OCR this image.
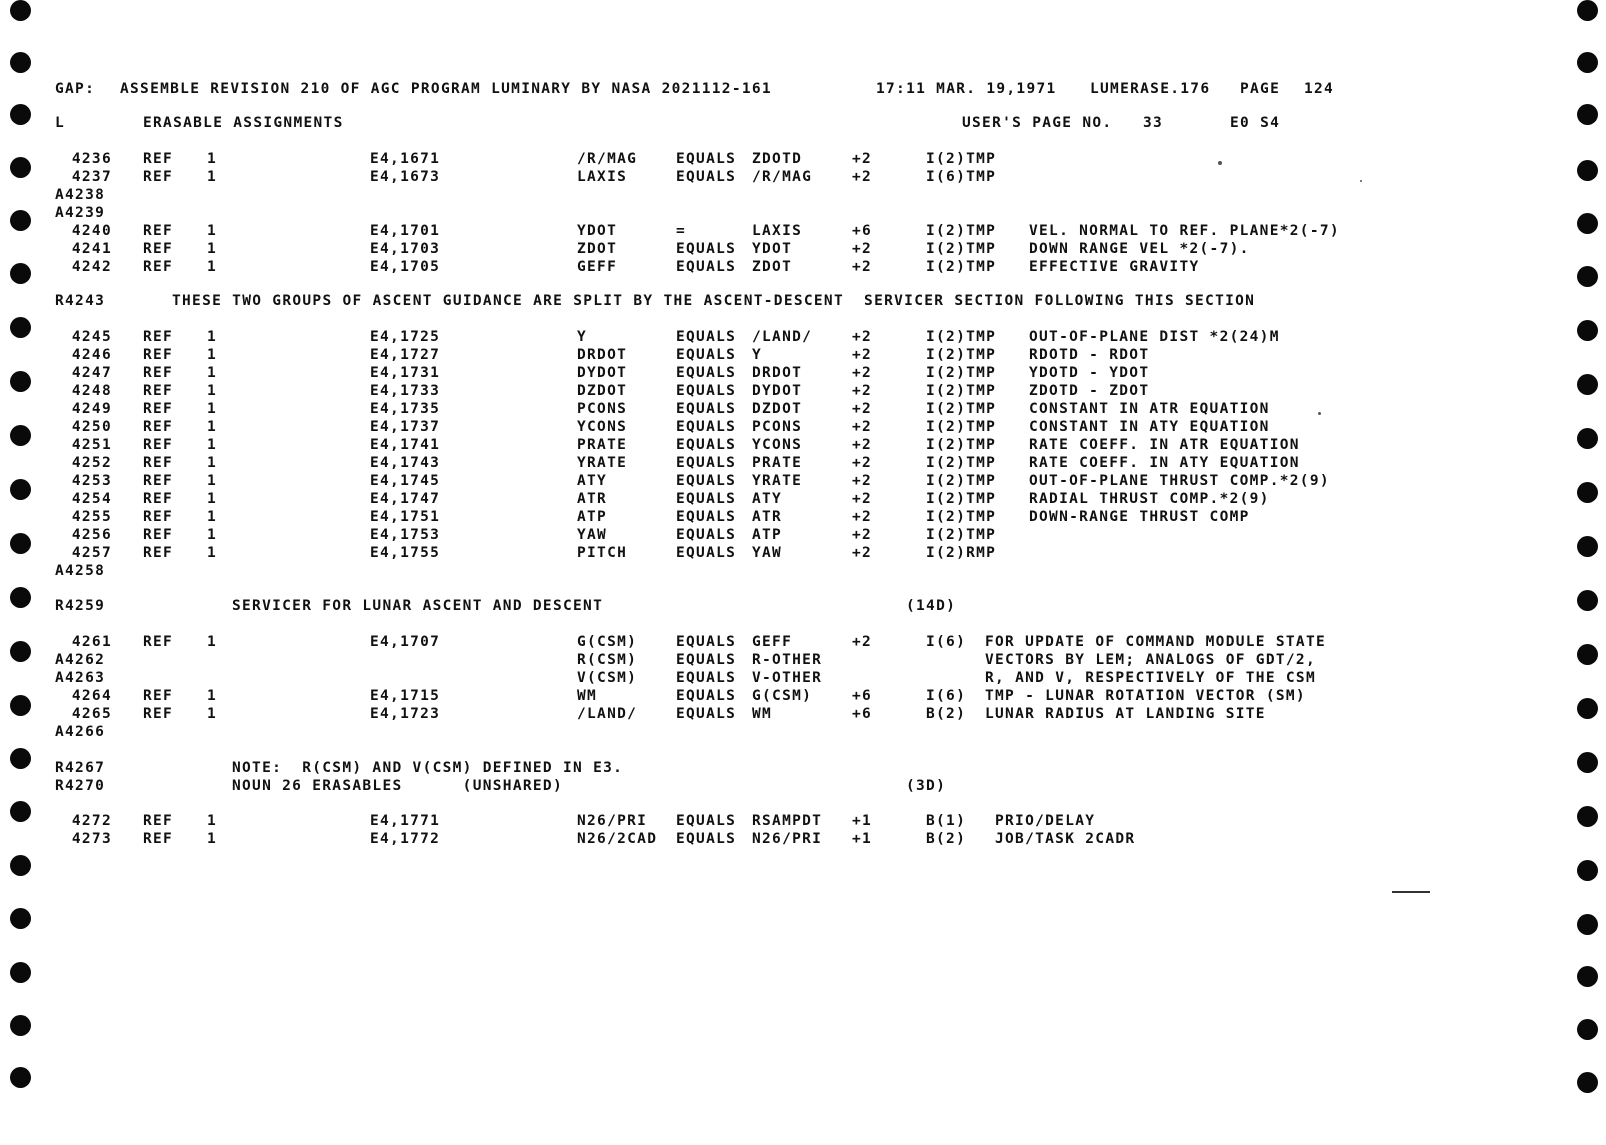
GAP:

ASSEMBLE REVISION 210 OF AGC PROGRAM LUMINARY BY NASA 2021112-161

	17:11 MAR. 19,1971

LUMERASE.176

PAGE

124

L

	ERASABLE ASSIGNMENTS

	USER'S PAGE NO.

33

	E0 S4

4236 REF 1	E4,1671	/R/MAG	EQUALS ZDOTD	+2	I(2)TMP
4237 REF 1	E4,1673	LAXIS	EQUALS /R/MAG	+2	I(6)TMP
A4238
A4239
4240 REF 1	E4,1701	YDOT	=	LAXIS	+6	I(2)TMP VEL. NORMAL TO REF. PLANE*2(-7)
4241 REF 1	E4,1703	ZDOT	EQUALS YDOT	+2	I(2)TMP DOWN RANGE VEL *2(-7).
4242 REF 1	E4,1705	GEFF	EQUALS ZDOT	+2	I(2)TMP EFFECTIVE GRAVITY
R4243	THESE TWO GROUPS OF ASCENT GUIDANCE ARE SPLIT BY THE ASCENT-DESCENT  SERVICER SECTION FOLLOWING THIS SECTION
4245 REF 1	E4,1725	Y	EQUALS /LAND/	+2	I(2)TMP OUT-OF-PLANE DIST *2(24)M
4246 REF 1	E4,1727	DRDOT	EQUALS Y	+2	I(2)TMP RDOTD - RDOT
4247 REF 1	E4,1731	DYDOT	EQUALS DRDOT	+2	I(2)TMP YDOTD - YDOT
4248 REF 1	E4,1733	DZDOT	EQUALS DYDOT	+2	I(2)TMP ZDOTD - ZDOT
4249 REF 1	E4,1735	PCONS	EQUALS DZDOT	+2	I(2)TMP CONSTANT IN ATR EQUATION
4250 REF 1	E4,1737	YCONS	EQUALS PCONS	+2	I(2)TMP CONSTANT IN ATY EQUATION
4251 REF 1	E4,1741	PRATE	EQUALS YCONS	+2	I(2)TMP RATE COEFF. IN ATR EQUATION
4252 REF 1	E4,1743	YRATE	EQUALS PRATE	+2	I(2)TMP RATE COEFF. IN ATY EQUATION
4253 REF 1	E4,1745	ATY	EQUALS YRATE	+2	I(2)TMP OUT-OF-PLANE THRUST COMP.*2(9)
4254 REF 1	E4,1747	ATR	EQUALS ATY	+2	I(2)TMP RADIAL THRUST COMP.*2(9)
4255 REF 1	E4,1751	ATP	EQUALS ATR	+2	I(2)TMP DOWN-RANGE THRUST COMP
4256 REF 1	E4,1753	YAW	EQUALS ATP	+2	I(2)TMP
4257 REF 1	E4,1755	PITCH	EQUALS YAW	+2	I(2)RMP
A4258
R4259	SERVICER FOR LUNAR ASCENT AND DESCENT	(14D)
4261 REF 1	E4,1707	G(CSM)	EQUALS GEFF	+2	I(6) FOR UPDATE OF COMMAND MODULE STATE
A4262	R(CSM)	EQUALS R-OTHER	VECTORS BY LEM; ANALOGS OF GDT/2,
A4263	V(CSM)	EQUALS V-OTHER	R, AND V, RESPECTIVELY OF THE CSM
4264 REF 1	E4,1715	WM	EQUALS G(CSM)	+6	I(6) TMP - LUNAR ROTATION VECTOR (SM)
4265 REF 1	E4,1723	/LAND/	EQUALS WM	+6	B(2) LUNAR RADIUS AT LANDING SITE
A4266
R4267	NOTE:  R(CSM) AND V(CSM) DEFINED IN E3.
R4270	NOUN 26 ERASABLES      (UNSHARED)	(3D)
4272 REF 1	E4,1771	N26/PRI EQUALS RSAMPDT +1	B(1) PRIO/DELAY
4273 REF 1	E4,1772	N26/2CAD EQUALS N26/PRI +1	B(2) JOB/TASK 2CADR
